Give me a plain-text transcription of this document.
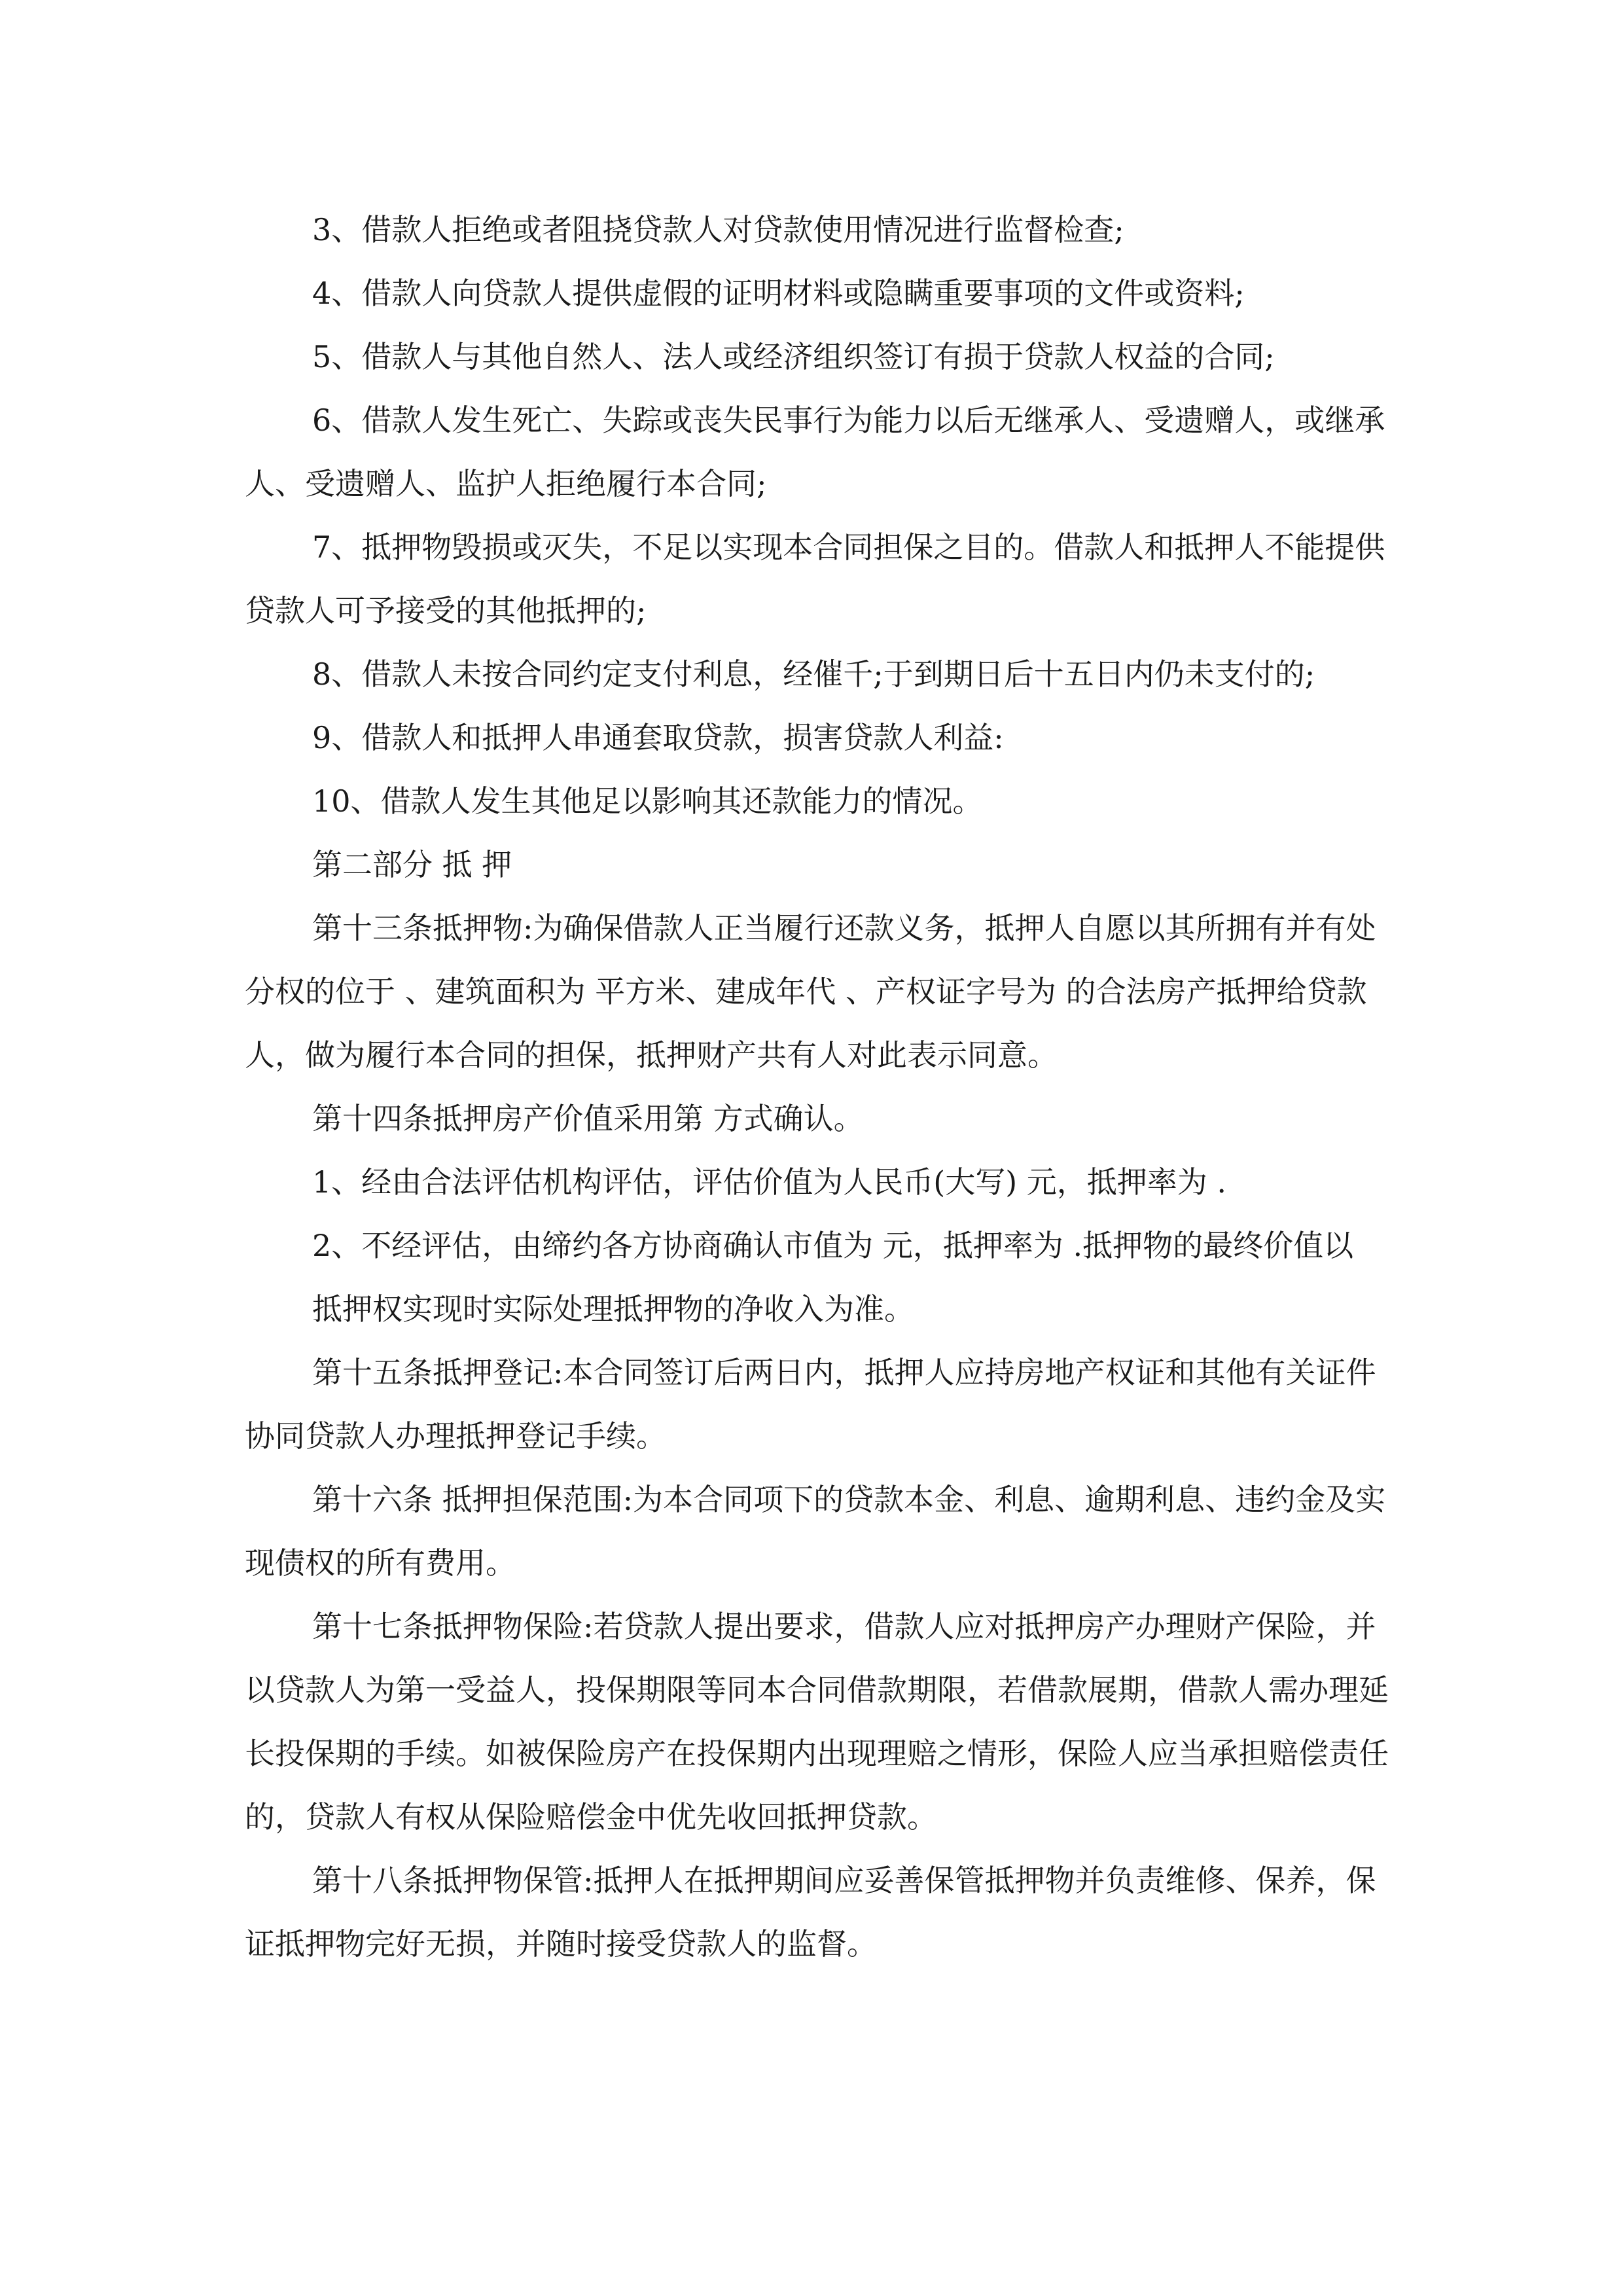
3、借款人拒绝或者阻挠贷款人对贷款使用情况进行监督检查;

4、借款人向贷款人提供虚假的证明材料或隐瞒重要事项的文件或资料;

5、借款人与其他自然人、法人或经济组织签订有损于贷款人权益的合同;

6、借款人发生死亡、失踪或丧失民事行为能力以后无继承人、受遗赠人，或继承人、受遗赠人、监护人拒绝履行本合同;

7、抵押物毁损或灭失，不足以实现本合同担保之目的。借款人和抵押人不能提供贷款人可予接受的其他抵押的;

8、借款人未按合同约定支付利息，经催千;于到期日后十五日内仍未支付的;

9、借款人和抵押人串通套取贷款，损害贷款人利益:

10、借款人发生其他足以影响其还款能力的情况。

第二部分 抵 押

第十三条抵押物:为确保借款人正当履行还款义务，抵押人自愿以其所拥有并有处分权的位于 、建筑面积为 平方米、建成年代 、产权证字号为 的合法房产抵押给贷款人，做为履行本合同的担保，抵押财产共有人对此表示同意。

第十四条抵押房产价值采用第 方式确认。

1、经由合法评估机构评估，评估价值为人民币(大写) 元，抵押率为 .

2、不经评估，由缔约各方协商确认市值为 元，抵押率为 .抵押物的最终价值以

抵押权实现时实际处理抵押物的净收入为准。

第十五条抵押登记:本合同签订后两日内，抵押人应持房地产权证和其他有关证件协同贷款人办理抵押登记手续。

第十六条 抵押担保范围:为本合同项下的贷款本金、利息、逾期利息、违约金及实现债权的所有费用。

第十七条抵押物保险:若贷款人提出要求，借款人应对抵押房产办理财产保险，并以贷款人为第一受益人，投保期限等同本合同借款期限，若借款展期，借款人需办理延长投保期的手续。如被保险房产在投保期内出现理赔之情形，保险人应当承担赔偿责任的，贷款人有权从保险赔偿金中优先收回抵押贷款。

第十八条抵押物保管:抵押人在抵押期间应妥善保管抵押物并负责维修、保养，保证抵押物完好无损，并随时接受贷款人的监督。
